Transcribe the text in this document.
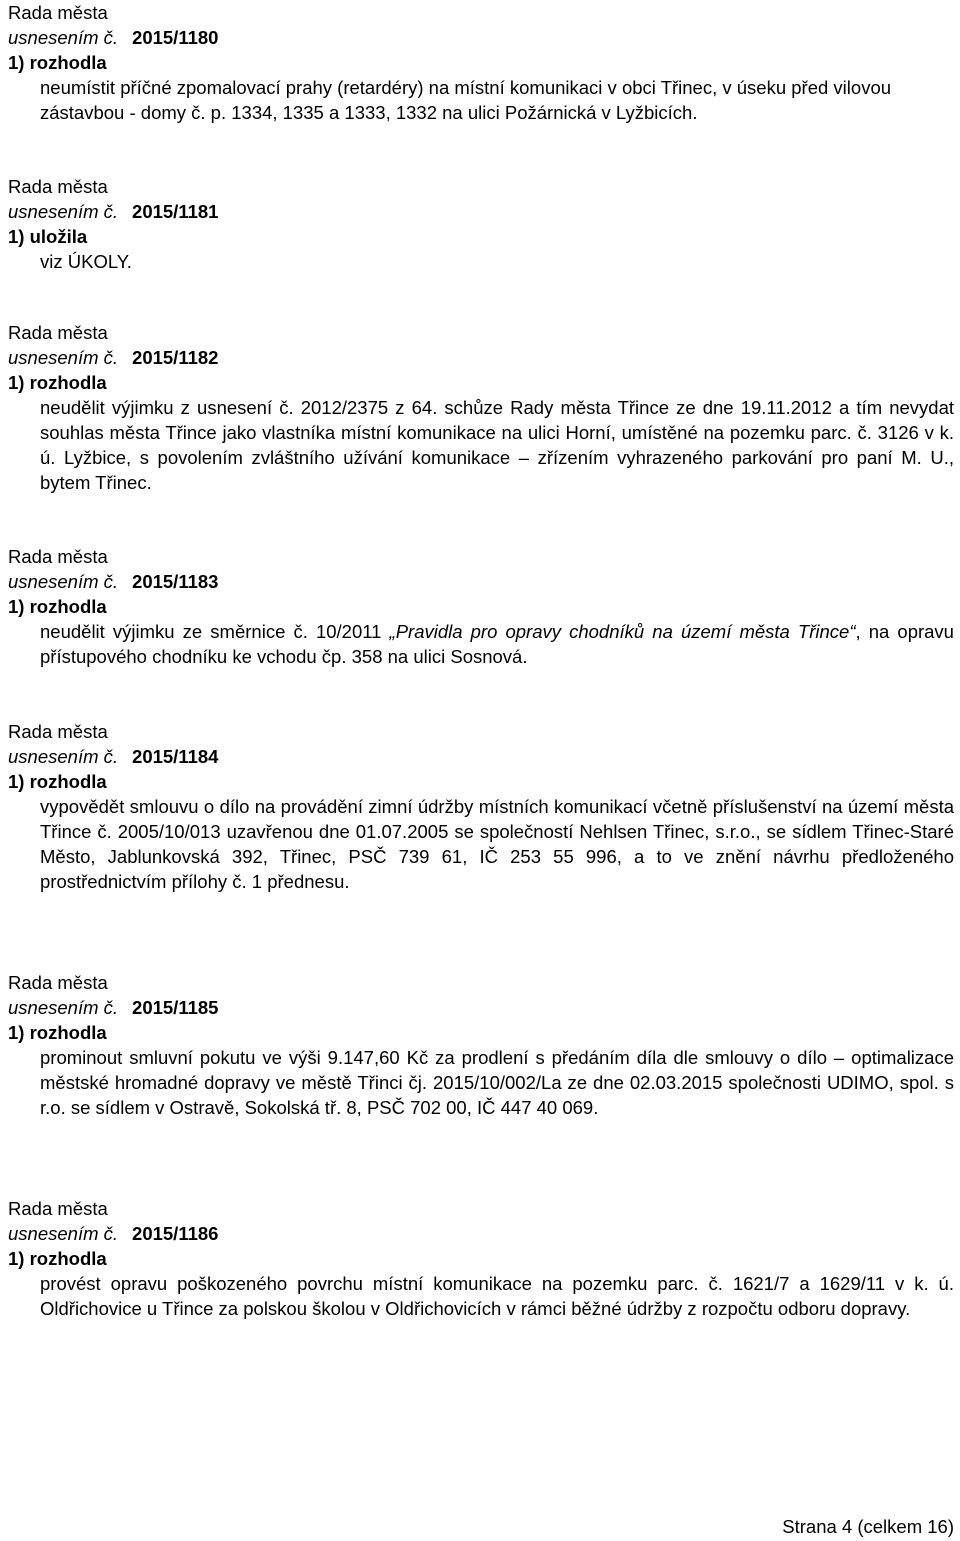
Rada města
usnesením č. 2015/1180
1) rozhodla
neumístit příčné zpomalovací prahy (retardéry) na místní komunikaci v obci Třinec, v úseku před vilovou zástavbou - domy č. p. 1334, 1335 a 1333, 1332 na ulici Požárnická v Lyžbicích.
Rada města
usnesením č. 2015/1181
1) uložila
viz ÚKOLY.
Rada města
usnesením č. 2015/1182
1) rozhodla
neudělit výjimku z usnesení č. 2012/2375 z 64. schůze Rady města Třince ze dne 19.11.2012 a tím nevydat souhlas města Třince jako vlastníka místní komunikace na ulici Horní, umístěné na pozemku parc. č. 3126 v k. ú. Lyžbice, s povolením zvláštního užívání komunikace – zřízením vyhrazeného parkování pro paní M. U., bytem Třinec.
Rada města
usnesením č. 2015/1183
1) rozhodla
neudělit výjimku ze směrnice č. 10/2011 „Pravidla pro opravy chodníků na území města Třince“, na opravu přístupového chodníku ke vchodu čp. 358 na ulici Sosnová.
Rada města
usnesením č. 2015/1184
1) rozhodla
vypovědět smlouvu o dílo na provádění zimní údržby místních komunikací včetně příslušenství na území města Třince č. 2005/10/013 uzavřenou dne 01.07.2005 se společností Nehlsen Třinec, s.r.o., se sídlem Třinec-Staré Město, Jablunkovská 392, Třinec, PSČ 739 61, IČ 253 55 996, a to ve znění návrhu předloženého prostřednictvím přílohy č. 1 přednesu.
Rada města
usnesením č. 2015/1185
1) rozhodla
prominout smluvní pokutu ve výši 9.147,60 Kč za prodlení s předáním díla dle smlouvy o dílo – optimalizace městské hromadné dopravy ve městě Třinci čj. 2015/10/002/La ze dne 02.03.2015 společnosti UDIMO, spol. s r.o. se sídlem v Ostravě, Sokolská tř. 8, PSČ 702 00, IČ 447 40 069.
Rada města
usnesením č. 2015/1186
1) rozhodla
provést opravu poškozeného povrchu místní komunikace na pozemku parc. č. 1621/7 a 1629/11 v k. ú. Oldřichovice u Třince za polskou školou v Oldřichovicích v rámci běžné údržby z rozpočtu odboru dopravy.
Strana 4 (celkem 16)
